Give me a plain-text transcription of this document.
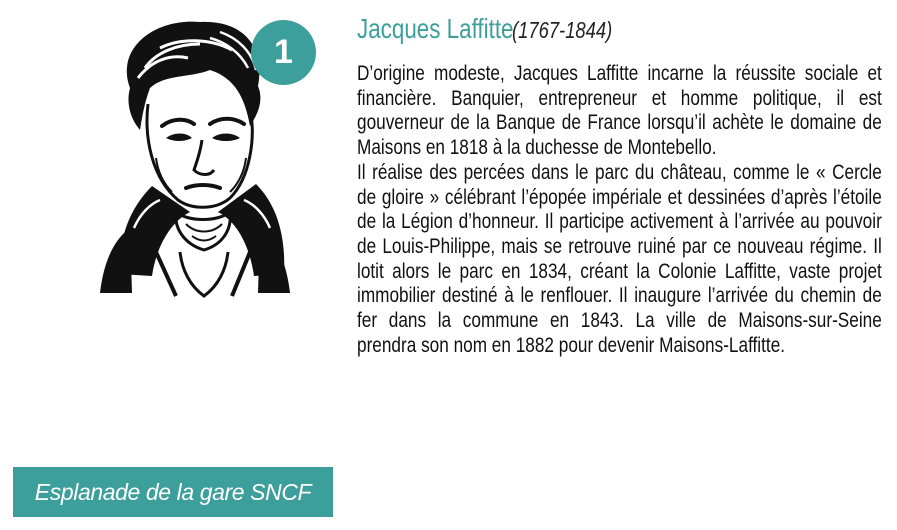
1
Jacques Laffitte (1767-1844)

D’origine modeste, Jacques Laffitte incarne la réussite sociale et financière. Banquier, entrepreneur et homme politique, il est gouverneur de la Banque de France lorsqu’il achète le domaine de Maisons en 1818 à la duchesse de Montebello.

Il réalise des percées dans le parc du château, comme le « Cercle de gloire » célébrant l’épopée impériale et dessinées d’après l’étoile de la Légion d’honneur. Il participe activement à l’arrivée au pouvoir de Louis-Philippe, mais se retrouve ruiné par ce nouveau régime. Il lotit alors le parc en 1834, créant la Colonie Laffitte, vaste projet immobilier destiné à le renflouer. Il inaugure l’arrivée du chemin de fer dans la commune en 1843. La ville de Maisons-sur-Seine prendra son nom en 1882 pour devenir Maisons-Laffitte.

Esplanade de la gare SNCF
